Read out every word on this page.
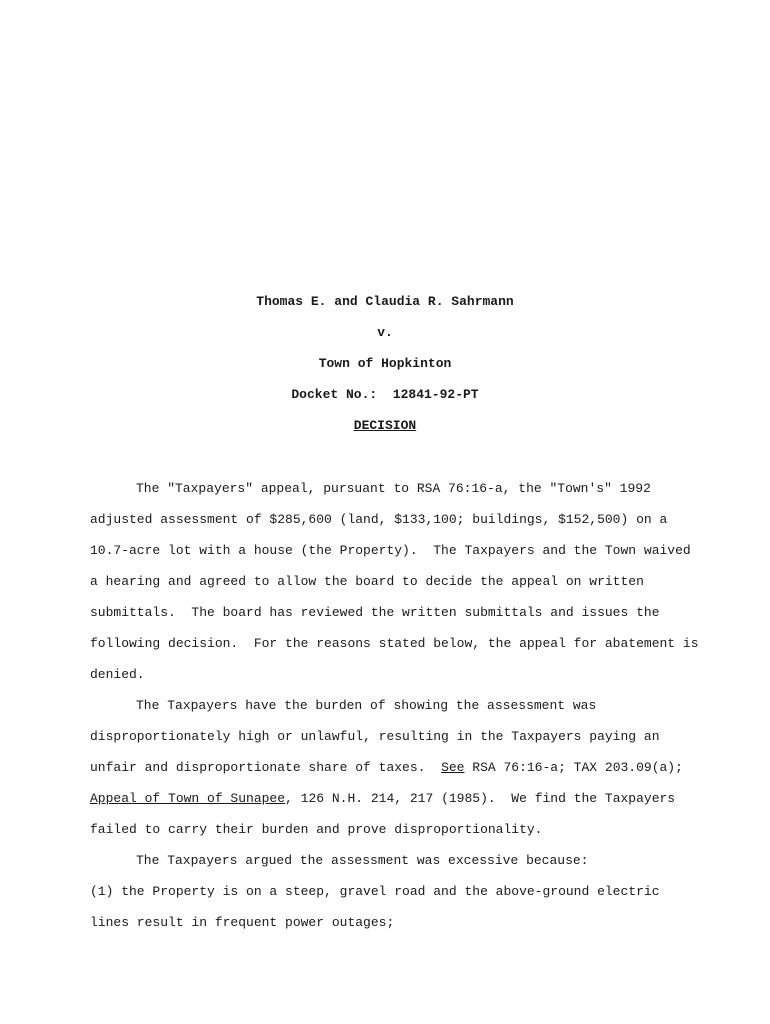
Thomas E. and Claudia R. Sahrmann
v.
Town of Hopkinton
Docket No.:  12841-92-PT
DECISION
The "Taxpayers" appeal, pursuant to RSA 76:16-a, the "Town's" 1992
adjusted assessment of $285,600 (land, $133,100; buildings, $152,500) on a
10.7-acre lot with a house (the Property).  The Taxpayers and the Town waived
a hearing and agreed to allow the board to decide the appeal on written
submittals.  The board has reviewed the written submittals and issues the
following decision.  For the reasons stated below, the appeal for abatement is
denied.
The Taxpayers have the burden of showing the assessment was
disproportionately high or unlawful, resulting in the Taxpayers paying an
unfair and disproportionate share of taxes.  See RSA 76:16-a; TAX 203.09(a);
Appeal of Town of Sunapee, 126 N.H. 214, 217 (1985).  We find the Taxpayers
failed to carry their burden and prove disproportionality.
The Taxpayers argued the assessment was excessive because:
(1) the Property is on a steep, gravel road and the above-ground electric
lines result in frequent power outages;
